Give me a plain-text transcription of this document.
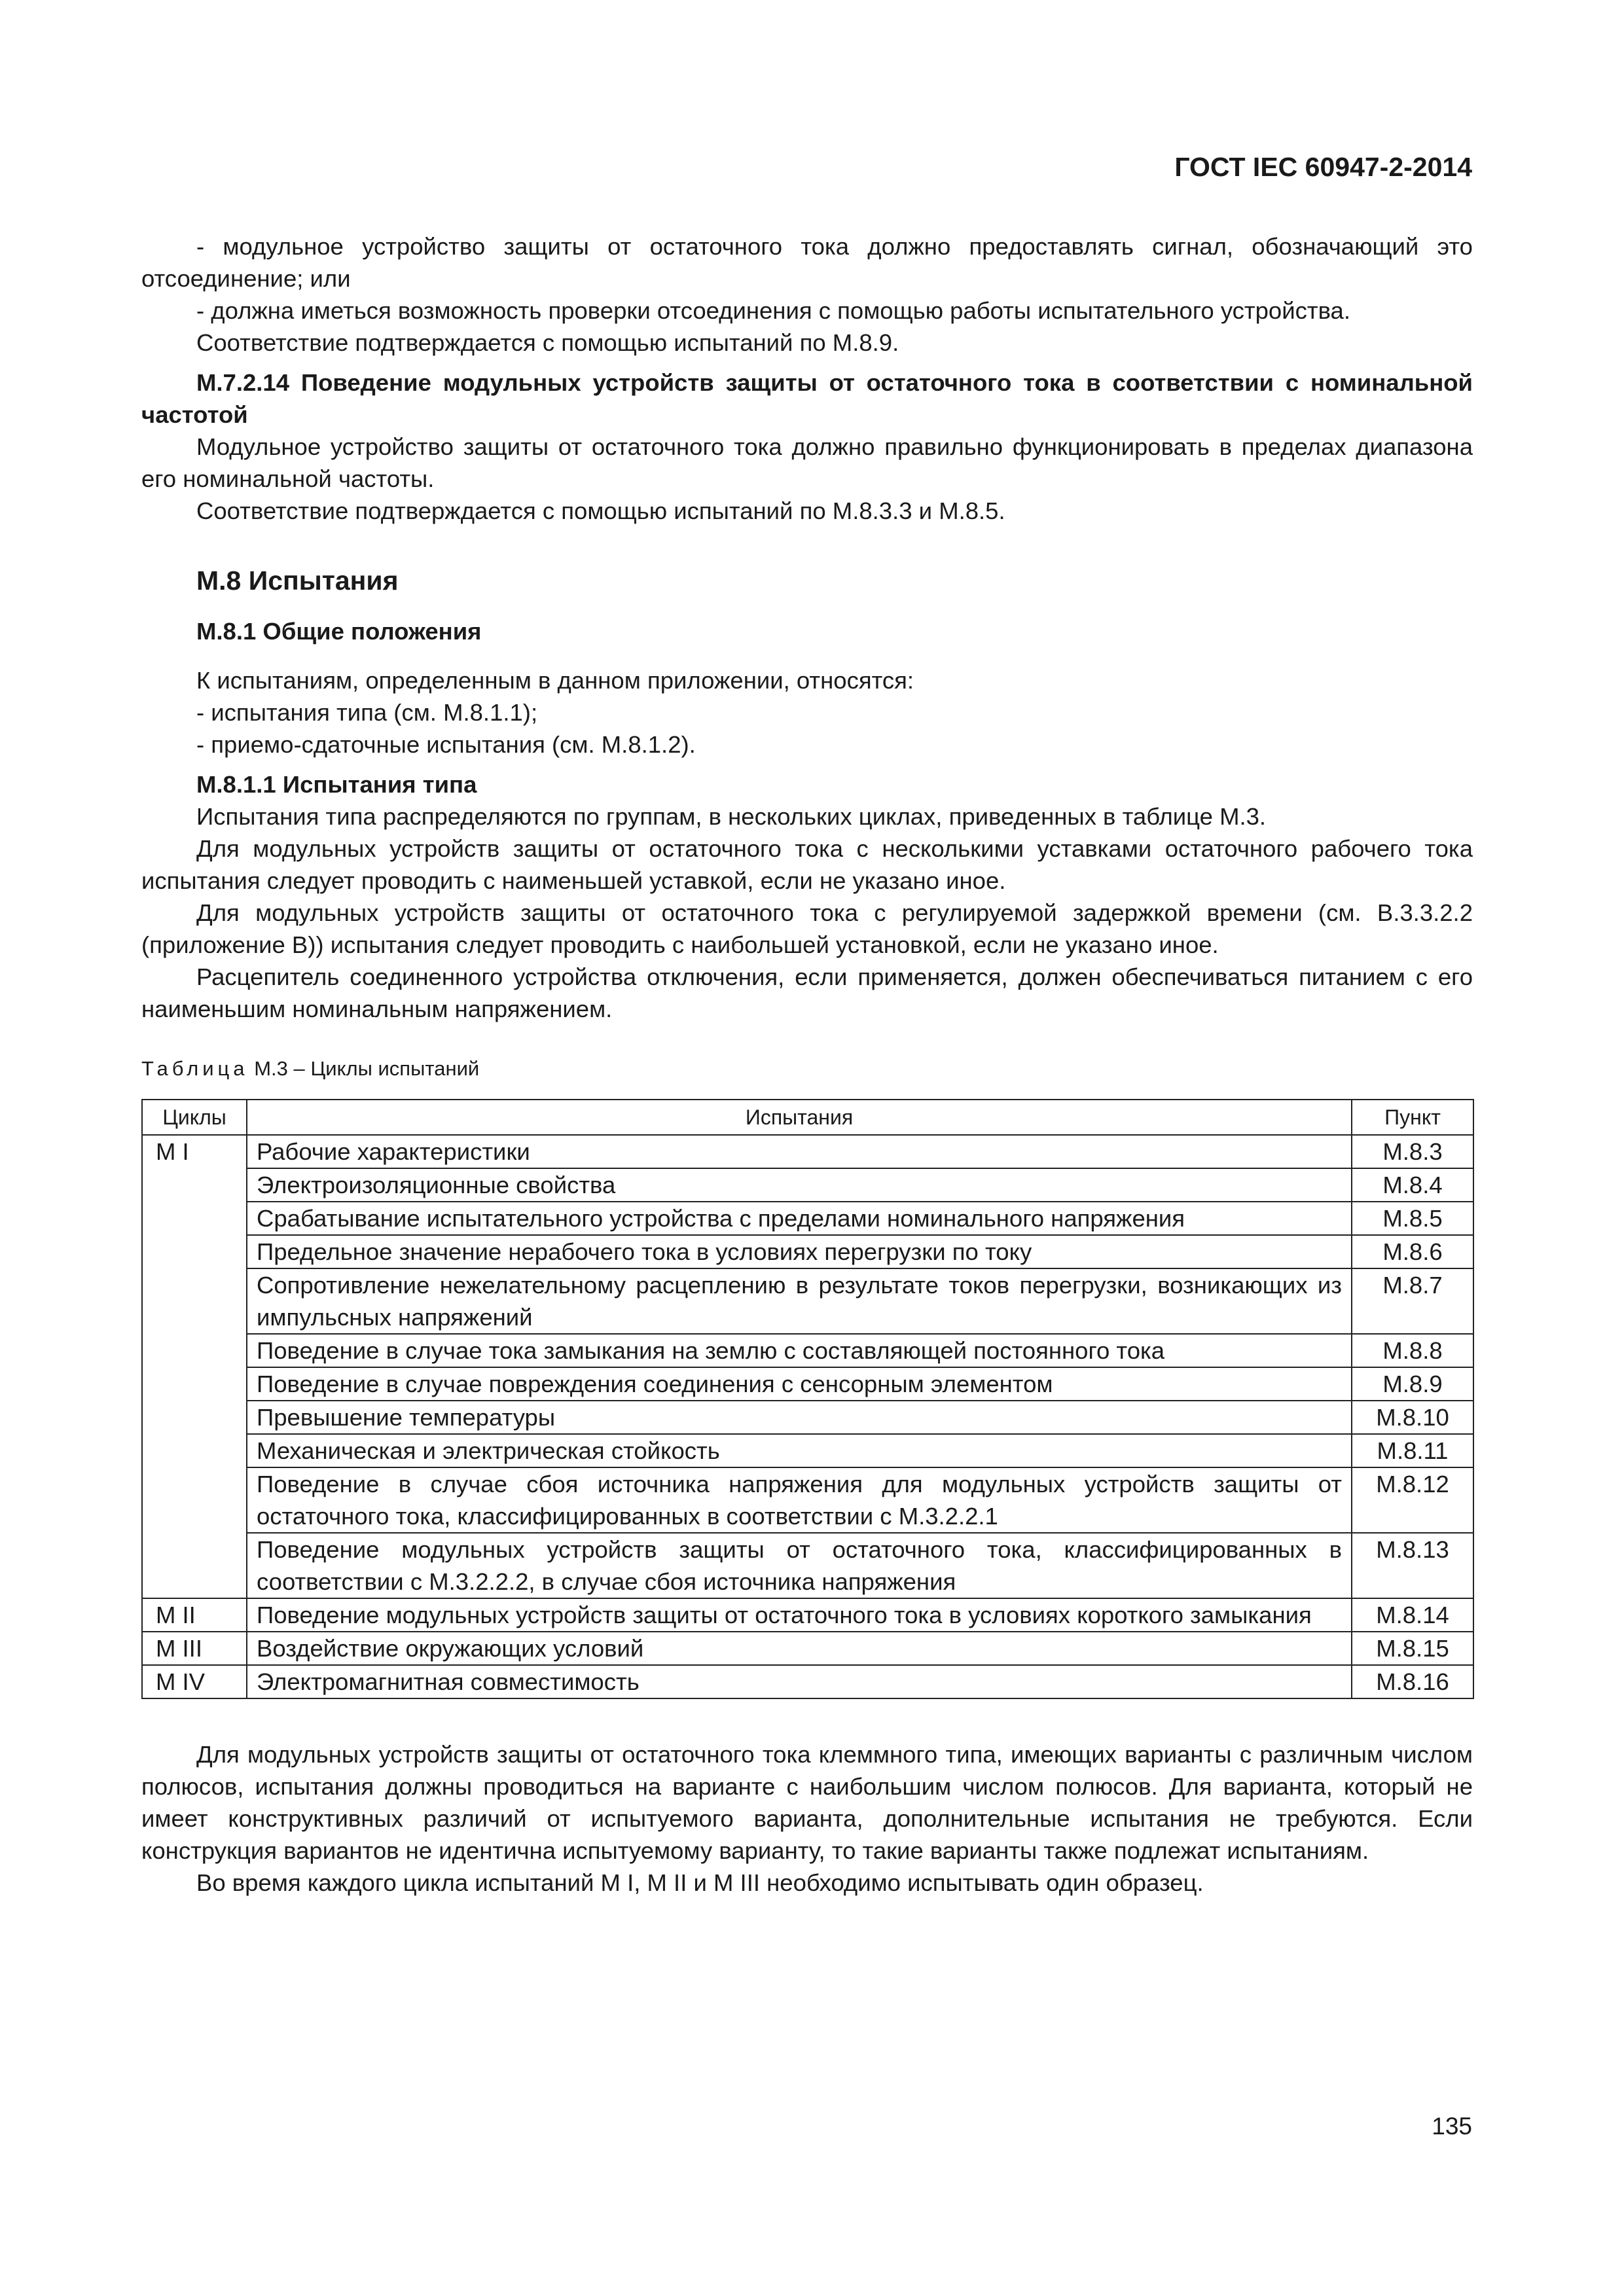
ГОСТ IEC 60947-2-2014

- модульное устройство защиты от остаточного тока должно предоставлять сигнал, обозначающий это отсоединение; или

- должна иметься возможность проверки отсоединения с помощью работы испытательного устройства.

Соответствие подтверждается с помощью испытаний по М.8.9.

М.7.2.14 Поведение модульных устройств защиты от остаточного тока в соответствии с номинальной частотой

Модульное устройство защиты от остаточного тока должно правильно функционировать в пределах диапазона его номинальной частоты.

Соответствие подтверждается с помощью испытаний по М.8.3.3 и М.8.5.

М.8 Испытания

М.8.1 Общие положения

К испытаниям, определенным в данном приложении, относятся:

- испытания типа (см. М.8.1.1);

- приемо-сдаточные испытания (см. М.8.1.2).

М.8.1.1 Испытания типа

Испытания типа распределяются по группам, в нескольких циклах, приведенных в таблице М.3.

Для модульных устройств защиты от остаточного тока с несколькими уставками остаточного рабочего тока испытания следует проводить с наименьшей уставкой, если не указано иное.

Для модульных устройств защиты от остаточного тока с регулируемой задержкой времени (см. В.3.3.2.2 (приложение В)) испытания следует проводить с наибольшей установкой, если не указано иное.

Расцепитель соединенного устройства отключения, если применяется, должен обеспечиваться питанием с его наименьшим номинальным напряжением.

Таблица М.3 – Циклы испытаний

Циклы	Испытания	Пункт
М I	Рабочие характеристики	М.8.3
	Электроизоляционные свойства	М.8.4
	Срабатывание испытательного устройства с пределами номинального напряжения	М.8.5
	Предельное значение нерабочего тока в условиях перегрузки по току	М.8.6
	Сопротивление нежелательному расцеплению в результате токов перегрузки, возникающих из импульсных напряжений	М.8.7
	Поведение в случае тока замыкания на землю с составляющей постоянного тока	М.8.8
	Поведение в случае повреждения соединения с сенсорным элементом	М.8.9
	Превышение температуры	М.8.10
	Механическая и электрическая стойкость	М.8.11
	Поведение в случае сбоя источника напряжения для модульных устройств защиты от остаточного тока, классифицированных в соответствии с М.3.2.2.1	М.8.12
	Поведение модульных устройств защиты от остаточного тока, классифицированных в соответствии с М.3.2.2.2, в случае сбоя источника напряжения	М.8.13
М II	Поведение модульных устройств защиты от остаточного тока в условиях короткого замыкания	М.8.14
М III	Воздействие окружающих условий	М.8.15
М IV	Электромагнитная совместимость	М.8.16

Для модульных устройств защиты от остаточного тока клеммного типа, имеющих варианты с различным числом полюсов, испытания должны проводиться на варианте с наибольшим числом полюсов. Для варианта, который не имеет конструктивных различий от испытуемого варианта, дополнительные испытания не требуются. Если конструкция вариантов не идентична испытуемому варианту, то такие варианты также подлежат испытаниям.

Во время каждого цикла испытаний М I, М II и М III необходимо испытывать один образец.

135
